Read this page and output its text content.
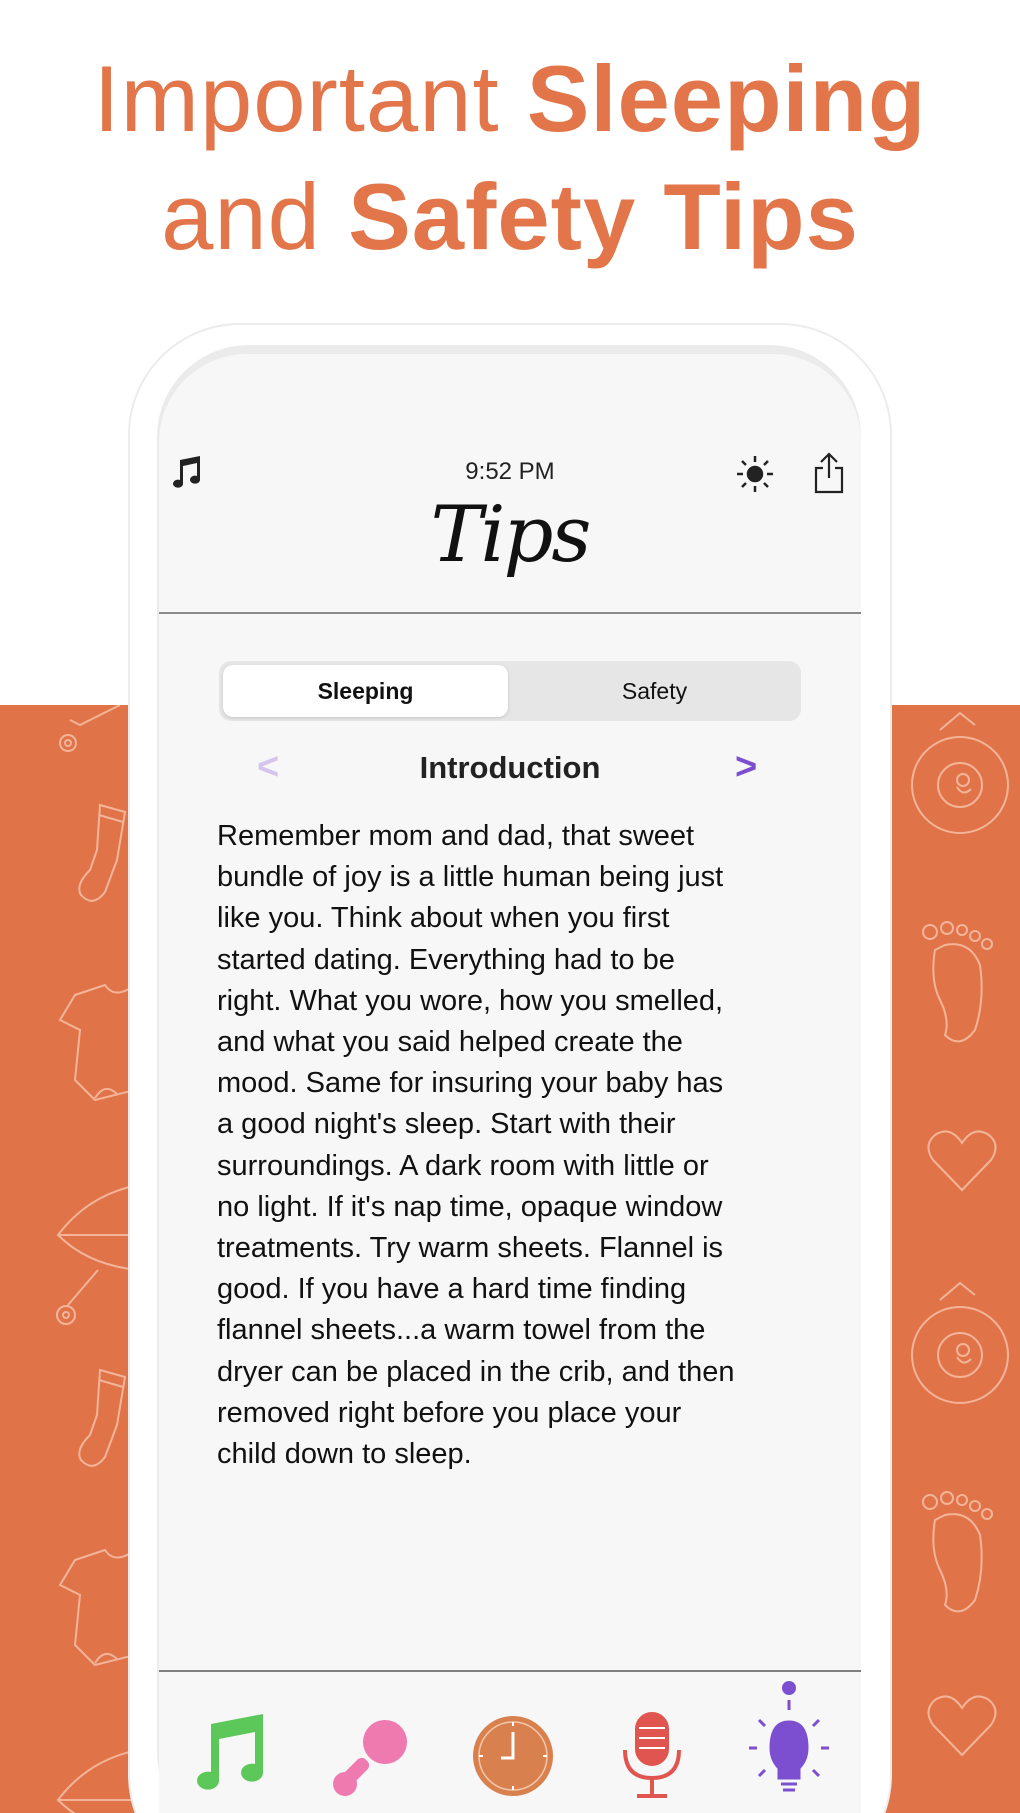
Important Sleeping
and Safety Tips
9:52 PM
Tips
Sleeping	Safety
<	Introduction	>
Remember mom and dad, that sweet
bundle of joy is a little human being just
like you. Think about when you first
started dating. Everything had to be
right. What you wore, how you smelled,
and what you said helped create the
mood. Same for insuring your baby has
a good night's sleep. Start with their
surroundings. A dark room with little or
no light. If it's nap time, opaque window
treatments. Try warm sheets. Flannel is
good. If you have a hard time finding
flannel sheets...a warm towel from the
dryer can be placed in the crib, and then
removed right before you place your
child down to sleep.
